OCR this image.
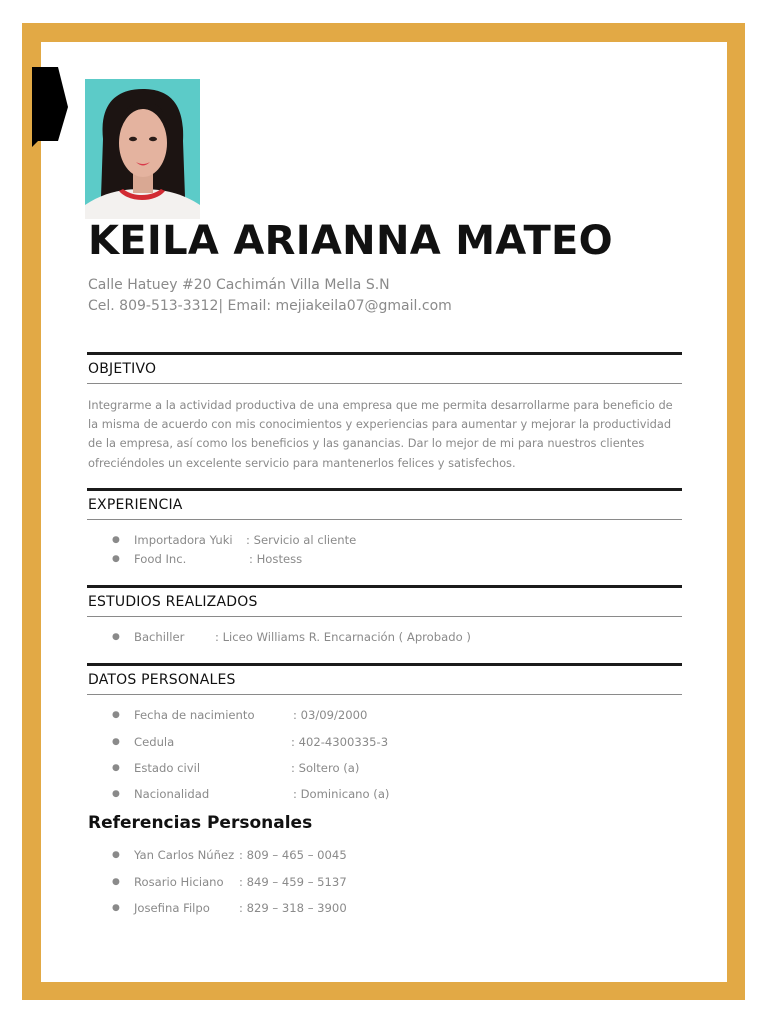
KEILA ARIANNA MATEO
Calle Hatuey #20 Cachimán Villa Mella S.N
Cel. 809-513-3312| Email: mejiakeila07@gmail.com
OBJETIVO
Integrarme a la actividad productiva de una empresa que me permita desarrollarme para beneficio de
la misma de acuerdo con mis conocimientos y experiencias para aumentar y mejorar la productividad
de la empresa, así como los beneficios y las ganancias. Dar lo mejor de mi para nuestros clientes
ofreciéndoles un excelente servicio para mantenerlos felices y satisfechos.
EXPERIENCIA
● Importadora Yuki : Servicio al cliente
● Food Inc.	: Hostess
ESTUDIOS REALIZADOS
● Bachiller	: Liceo Williams R. Encarnación ( Aprobado )
DATOS PERSONALES
● Fecha de nacimiento	: 03/09/2000
● Cedula	: 402-4300335-3
● Estado civil	: Soltero (a)
● Nacionalidad	: Dominicano (a)
Referencias Personales
● Yan Carlos Núñez : 809 – 465 – 0045
● Rosario Hiciano : 849 – 459 – 5137
● Josefina Filpo	: 829 – 318 – 3900
